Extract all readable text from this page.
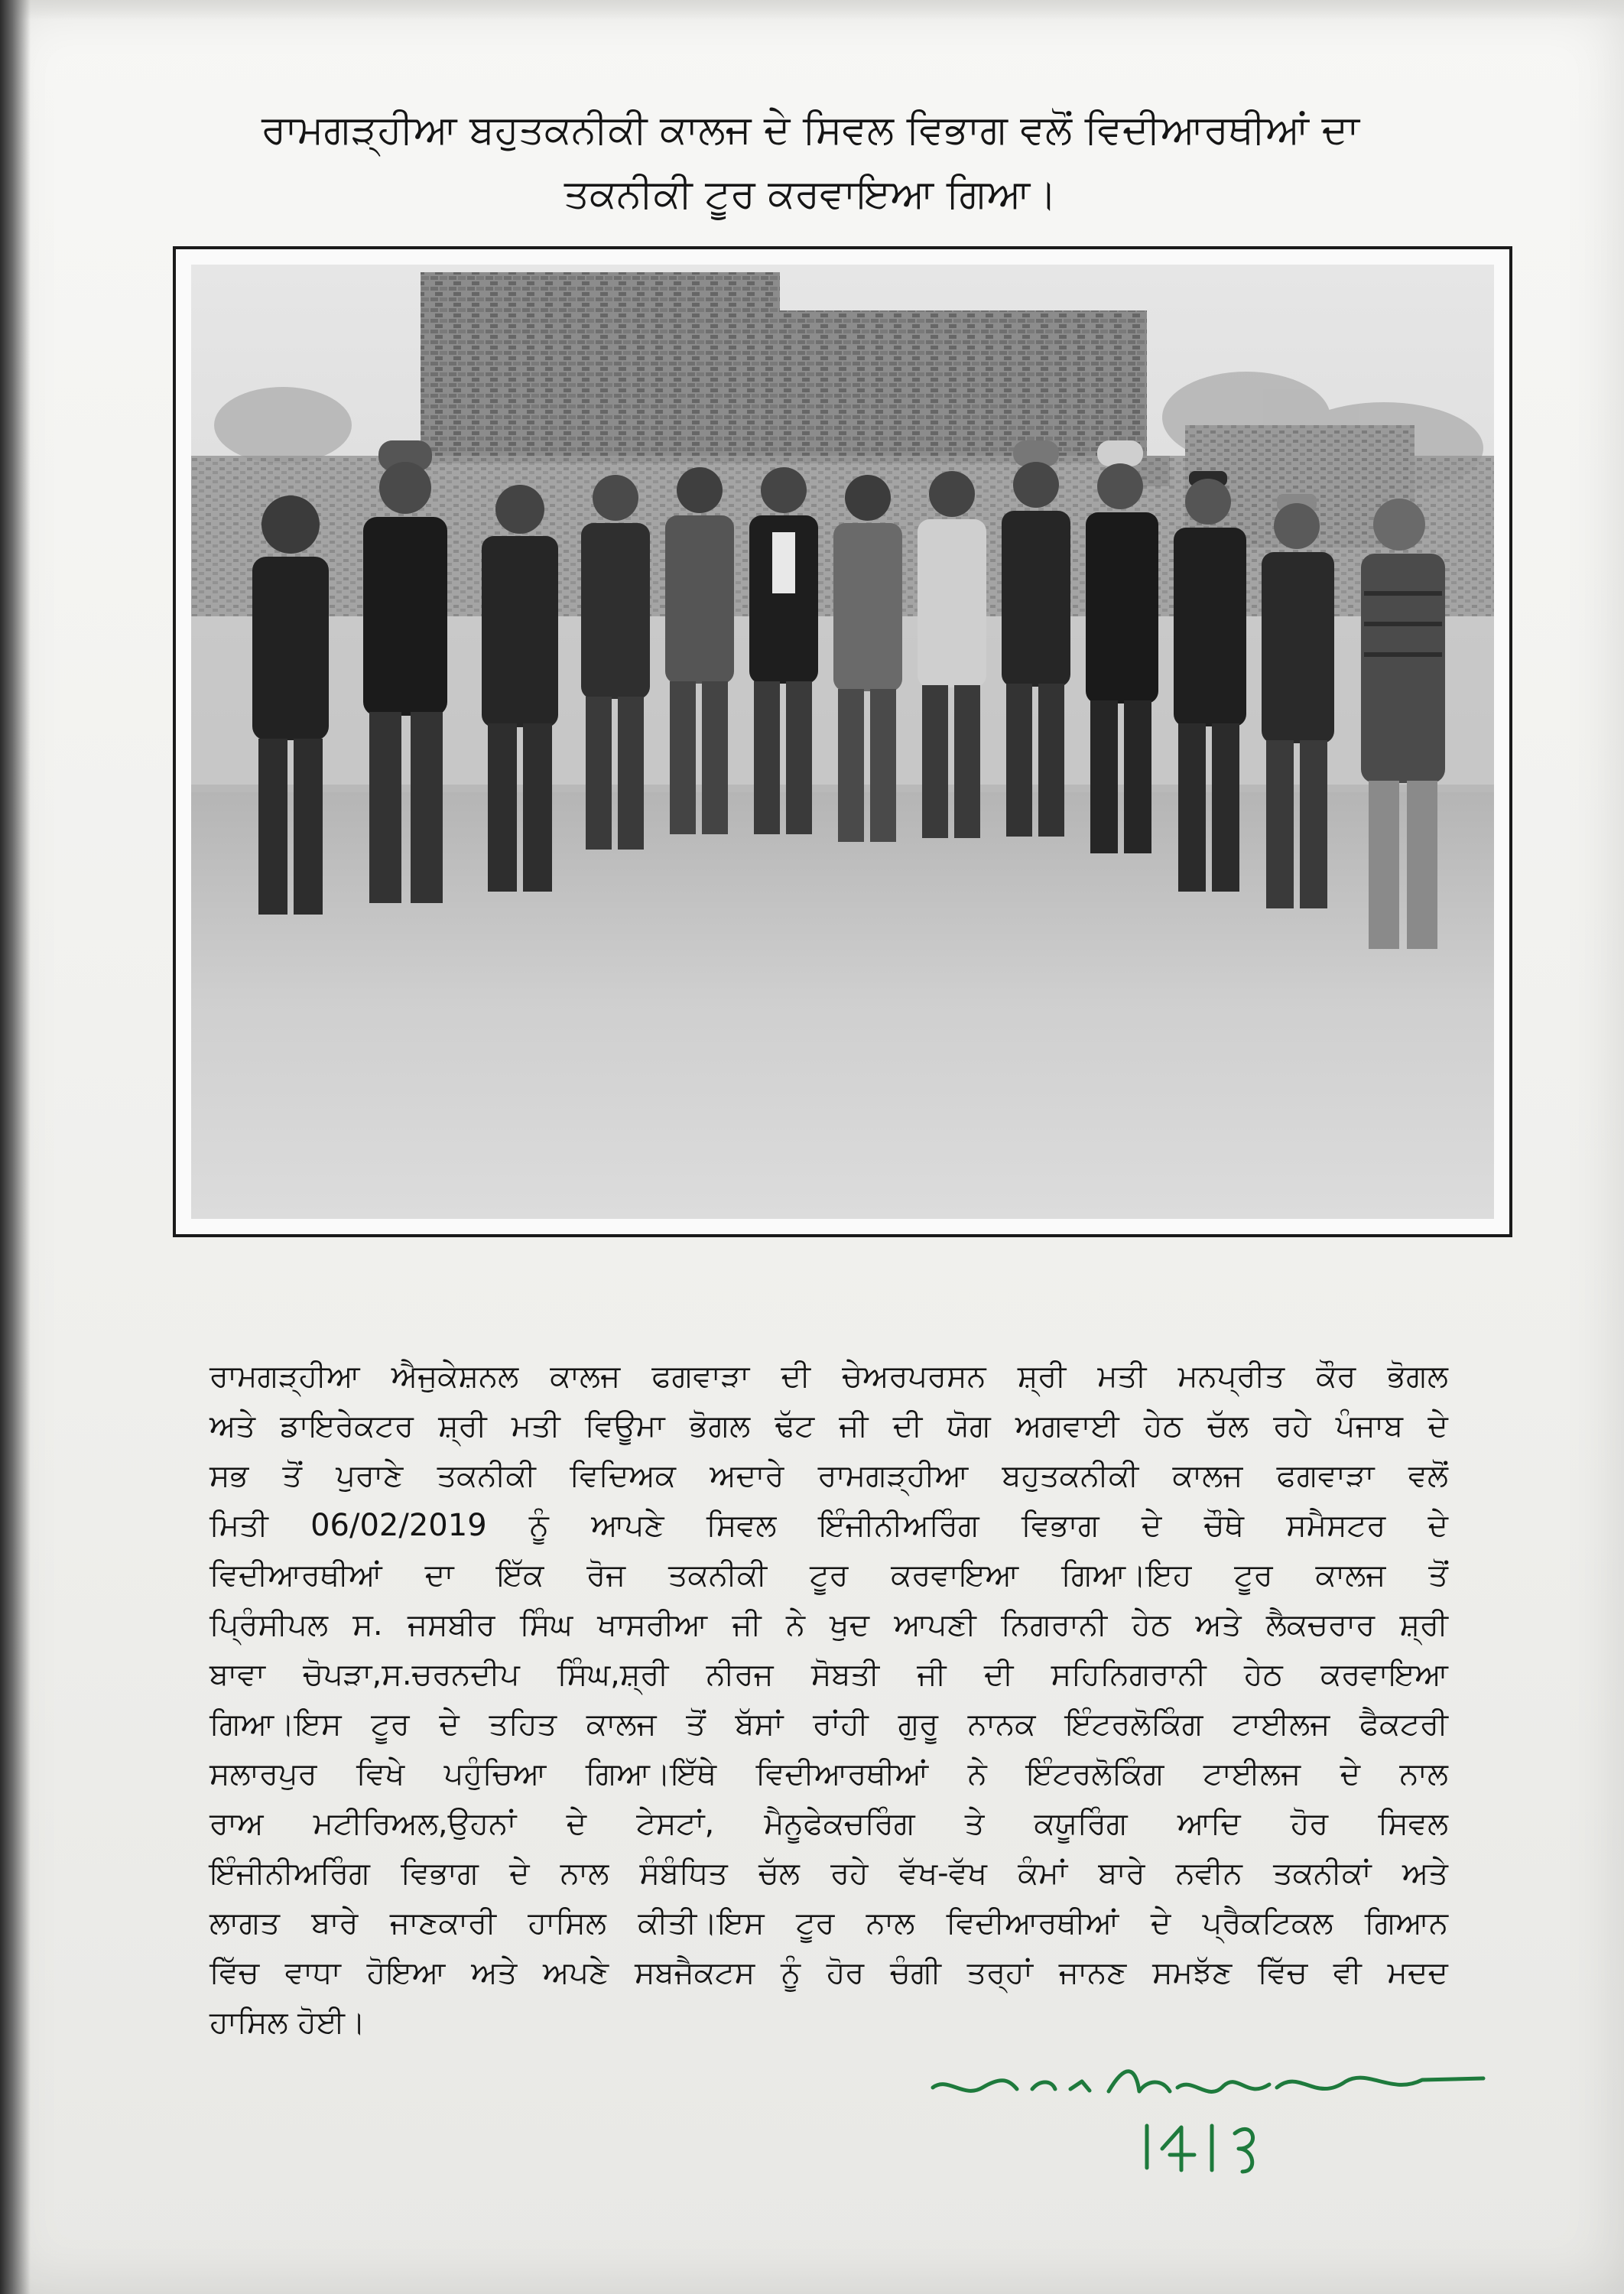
ਰਾਮਗੜ੍ਹੀਆ ਬਹੁਤਕਨੀਕੀ ਕਾਲਜ ਦੇ ਸਿਵਲ ਵਿਭਾਗ ਵਲੋਂ ਵਿਦੀਆਰਥੀਆਂ ਦਾ
ਤਕਨੀਕੀ ਟੂਰ ਕਰਵਾਇਆ ਗਿਆ।
ਰਾਮਗੜ੍ਹੀਆ ਐਜੁਕੇਸ਼ਨਲ ਕਾਲਜ ਫਗਵਾੜਾ ਦੀ ਚੇਅਰਪਰਸਨ ਸ਼੍ਰੀ ਮਤੀ ਮਨਪ੍ਰੀਤ ਕੌਰ ਭੋਗਲ
ਅਤੇ ਡਾਇਰੇਕਟਰ ਸ਼੍ਰੀ ਮਤੀ ਵਿਊਮਾ ਭੋਗਲ ਢੱਟ ਜੀ ਦੀ ਯੋਗ ਅਗਵਾਈ ਹੇਠ ਚੱਲ ਰਹੇ ਪੰਜਾਬ ਦੇ
ਸਭ ਤੋਂ ਪੁਰਾਣੇ ਤਕਨੀਕੀ ਵਿਦਿਅਕ ਅਦਾਰੇ ਰਾਮਗੜ੍ਹੀਆ ਬਹੁਤਕਨੀਕੀ ਕਾਲਜ ਫਗਵਾੜਾ ਵਲੋਂ
ਮਿਤੀ 06/02/2019 ਨੂੰ ਆਪਣੇ ਸਿਵਲ ਇੰਜੀਨੀਅਰਿੰਗ ਵਿਭਾਗ ਦੇ ਚੌਥੇ ਸਮੈਸਟਰ ਦੇ
ਵਿਦੀਆਰਥੀਆਂ ਦਾ ਇੱਕ ਰੋਜ ਤਕਨੀਕੀ ਟੂਰ ਕਰਵਾਇਆ ਗਿਆ।ਇਹ ਟੂਰ ਕਾਲਜ ਤੋਂ
ਪ੍ਰਿੰਸੀਪਲ ਸ. ਜਸਬੀਰ ਸਿੰਘ ਖਾਸਰੀਆ ਜੀ ਨੇ ਖੁਦ ਆਪਣੀ ਨਿਗਰਾਨੀ ਹੇਠ ਅਤੇ ਲੈਕਚਰਾਰ ਸ਼੍ਰੀ
ਬਾਵਾ ਚੋਪੜਾ,ਸ.ਚਰਨਦੀਪ ਸਿੰਘ,ਸ਼੍ਰੀ ਨੀਰਜ ਸੋਬਤੀ ਜੀ ਦੀ ਸਹਿਨਿਗਰਾਨੀ ਹੇਠ ਕਰਵਾਇਆ
ਗਿਆ।ਇਸ ਟੂਰ ਦੇ ਤਹਿਤ ਕਾਲਜ ਤੋਂ ਬੱਸਾਂ ਰਾਂਹੀ ਗੁਰੂ ਨਾਨਕ ਇੰਟਰਲੋਕਿੰਗ ਟਾਈਲਜ ਫੈਕਟਰੀ
ਸਲਾਰਪੁਰ ਵਿਖੇ ਪਹੁੰਚਿਆ ਗਿਆ।ਇੱਥੇ ਵਿਦੀਆਰਥੀਆਂ ਨੇ ਇੰਟਰਲੋਕਿੰਗ ਟਾਈਲਜ ਦੇ ਨਾਲ
ਰਾਅ ਮਟੀਰਿਅਲ,ਉਹਨਾਂ ਦੇ ਟੇਸਟਾਂ, ਮੈਨੂਫੇਕਚਰਿੰਗ ਤੇ ਕਯੂਰਿੰਗ ਆਦਿ ਹੋਰ ਸਿਵਲ
ਇੰਜੀਨੀਅਰਿੰਗ ਵਿਭਾਗ ਦੇ ਨਾਲ ਸੰਬੰਧਿਤ ਚੱਲ ਰਹੇ ਵੱਖ-ਵੱਖ ਕੰਮਾਂ ਬਾਰੇ ਨਵੀਨ ਤਕਨੀਕਾਂ ਅਤੇ
ਲਾਗਤ ਬਾਰੇ ਜਾਣਕਾਰੀ ਹਾਸਿਲ ਕੀਤੀ।ਇਸ ਟੂਰ ਨਾਲ ਵਿਦੀਆਰਥੀਆਂ ਦੇ ਪ੍ਰੈਕਟਿਕਲ ਗਿਆਨ
ਵਿੱਚ ਵਾਧਾ ਹੋਇਆ ਅਤੇ ਅਪਣੇ ਸਬਜੈਕਟਸ ਨੂੰ ਹੋਰ ਚੰਗੀ ਤਰ੍ਹਾਂ ਜਾਨਣ ਸਮਝੱਣ ਵਿੱਚ ਵੀ ਮਦਦ
ਹਾਸਿਲ ਹੋਈ।
